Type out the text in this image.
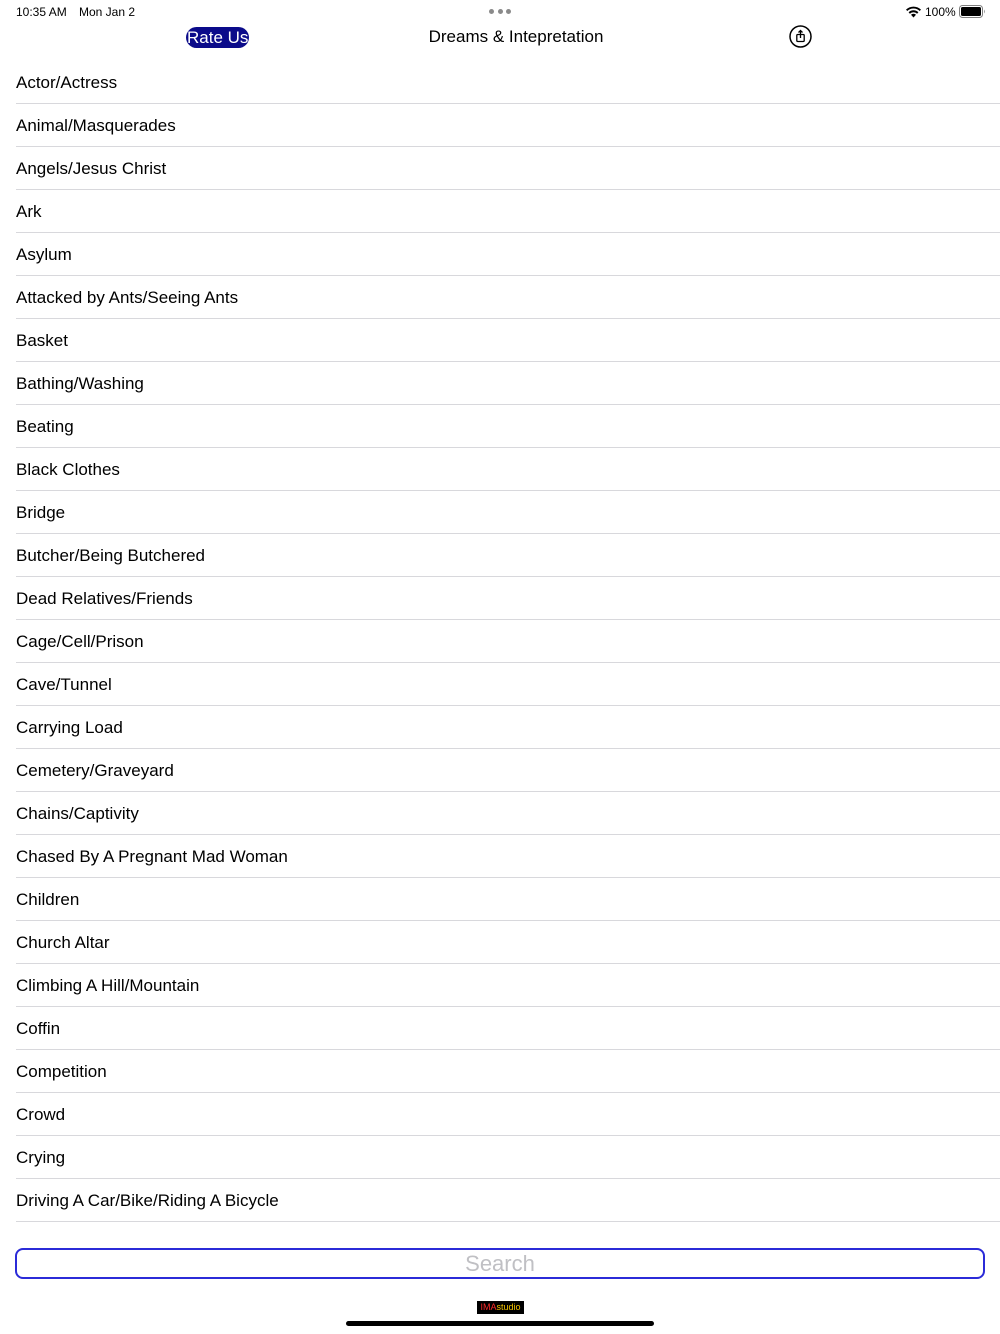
10:35 AM Mon Jan 2	100%
Rate Us	Dreams & Intepretation
Actor/Actress
Animal/Masquerades
Angels/Jesus Christ
Ark
Asylum
Attacked by Ants/Seeing Ants
Basket
Bathing/Washing
Beating
Black Clothes
Bridge
Butcher/Being Butchered
Dead Relatives/Friends
Cage/Cell/Prison
Cave/Tunnel
Carrying Load
Cemetery/Graveyard
Chains/Captivity
Chased By A Pregnant Mad Woman
Children
Church Altar
Climbing A Hill/Mountain
Coffin
Competition
Crowd
Crying
Driving A Car/Bike/Riding A Bicycle
Search
IMAstudio
